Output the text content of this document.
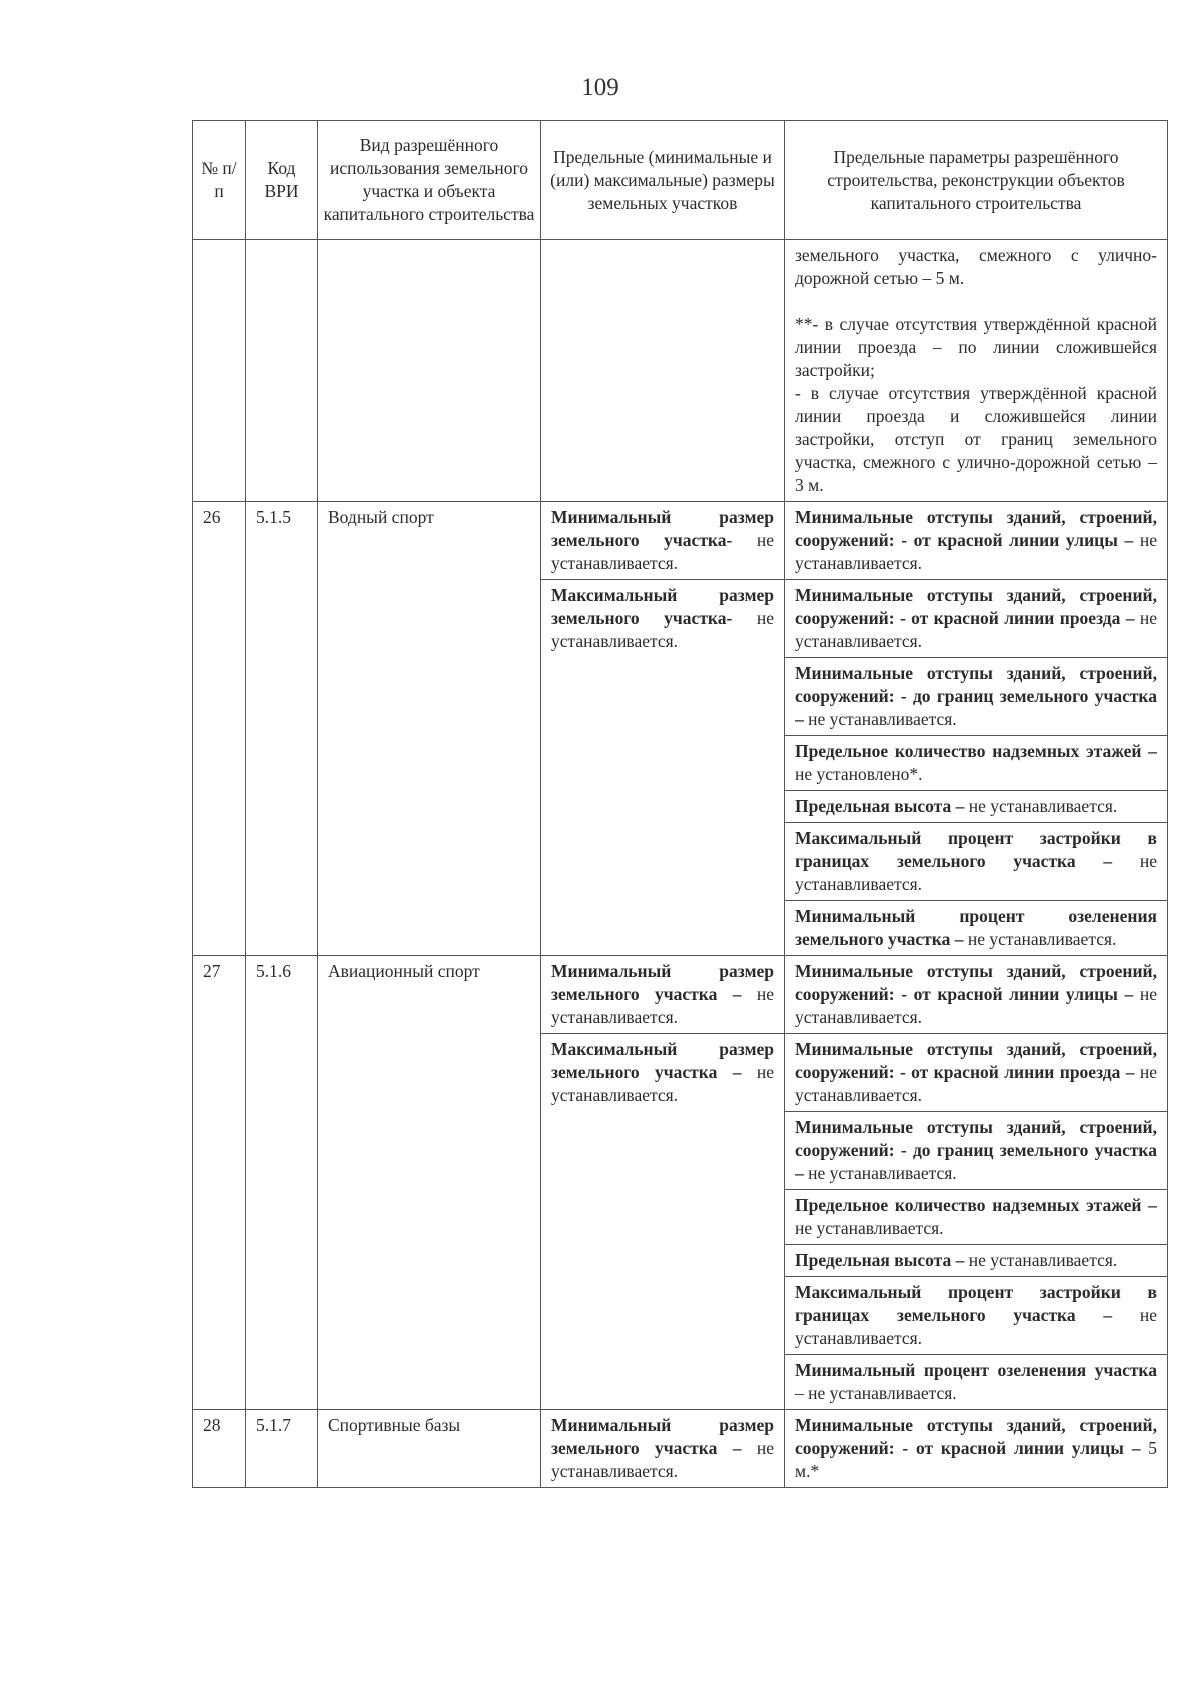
109
№ п/п	Код ВРИ	Вид разрешённого использования земельного участка и объекта капитального строительства	Предельные (минимальные и (или) максимальные) размеры земельных участков	Предельные параметры разрешённого строительства, реконструкции объектов капитального строительства

				земельного участка, смежного с улично-дорожной сетью – 5 м.
**- в случае отсутствия утверждённой красной линии проезда – по линии сложившейся застройки;
- в случае отсутствия утверждённой красной линии проезда и сложившейся линии застройки, отступ от границ земельного участка, смежного с улично-дорожной сетью – 3 м.

26	5.1.5	Водный спорт	Минимальный размер земельного участка- не устанавливается.	Минимальные отступы зданий, строений, сооружений: - от красной линии улицы – не устанавливается.
			Максимальный размер земельного участка- не устанавливается.	Минимальные отступы зданий, строений, сооружений: - от красной линии проезда – не устанавливается.
				Минимальные отступы зданий, строений, сооружений: - до границ земельного участка – не устанавливается.
				Предельное количество надземных этажей – не установлено*.
				Предельная высота – не устанавливается.
				Максимальный процент застройки в границах земельного участка – не устанавливается.
				Минимальный процент озеленения земельного участка – не устанавливается.
27	5.1.6	Авиационный спорт	Минимальный размер земельного участка – не устанавливается.	Минимальные отступы зданий, строений, сооружений: - от красной линии улицы – не устанавливается.
			Максимальный размер земельного участка – не устанавливается.	Минимальные отступы зданий, строений, сооружений: - от красной линии проезда – не устанавливается.
				Минимальные отступы зданий, строений, сооружений: - до границ земельного участка – не устанавливается.
				Предельное количество надземных этажей – не устанавливается.
				Предельная высота – не устанавливается.
				Максимальный процент застройки в границах земельного участка – не устанавливается.
				Минимальный процент озеленения участка – не устанавливается.
28	5.1.7	Спортивные базы	Минимальный размер земельного участка – не устанавливается.	Минимальные отступы зданий, строений, сооружений: - от красной линии улицы – 5 м.*
